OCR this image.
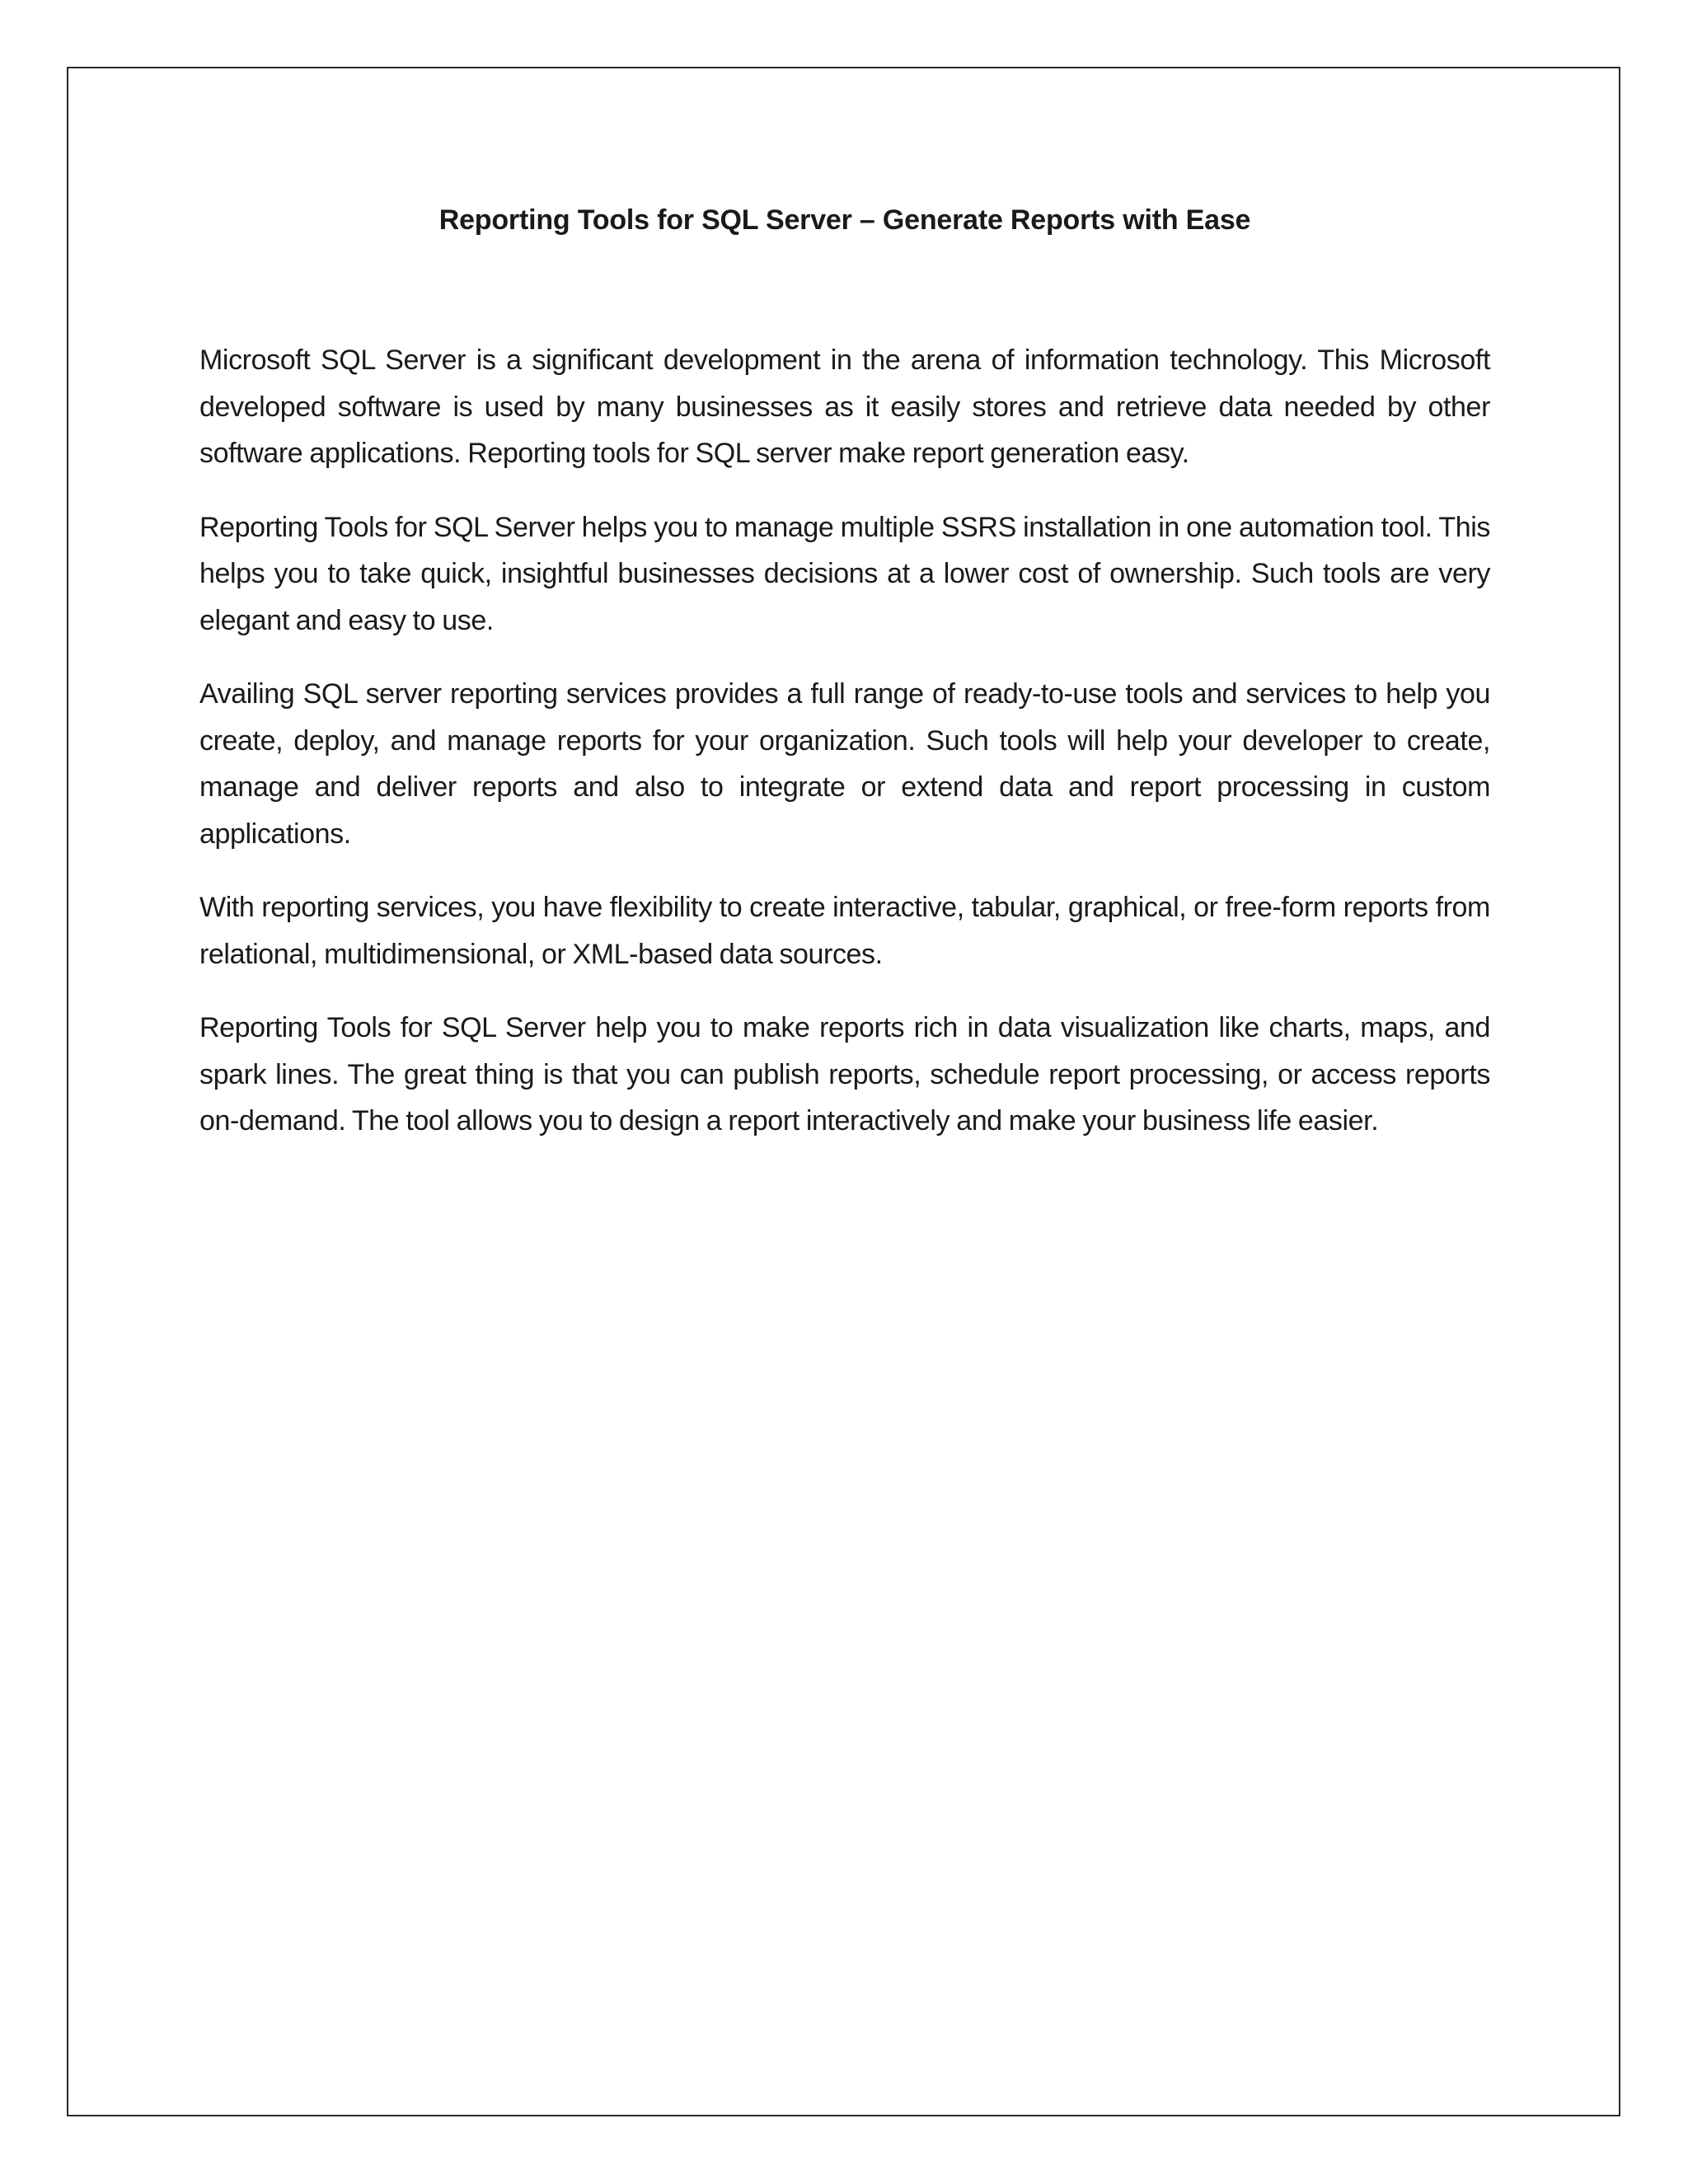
Reporting Tools for SQL Server – Generate Reports with Ease

Microsoft SQL Server is a significant development in the arena of information technology. This Microsoft developed software is used by many businesses as it easily stores and retrieve data needed by other software applications. Reporting tools for SQL server make report generation easy.

Reporting Tools for SQL Server helps you to manage multiple SSRS installation in one automation tool. This helps you to take quick, insightful businesses decisions at a lower cost of ownership. Such tools are very elegant and easy to use.

Availing SQL server reporting services provides a full range of ready-to-use tools and services to help you create, deploy, and manage reports for your organization. Such tools will help your developer to create, manage and deliver reports and also to integrate or extend data and report processing in custom applications.

With reporting services, you have flexibility to create interactive, tabular, graphical, or free-form reports from relational, multidimensional, or XML-based data sources.

Reporting Tools for SQL Server help you to make reports rich in data visualization like charts, maps, and spark lines. The great thing is that you can publish reports, schedule report processing, or access reports on-demand. The tool allows you to design a report interactively and make your business life easier.
